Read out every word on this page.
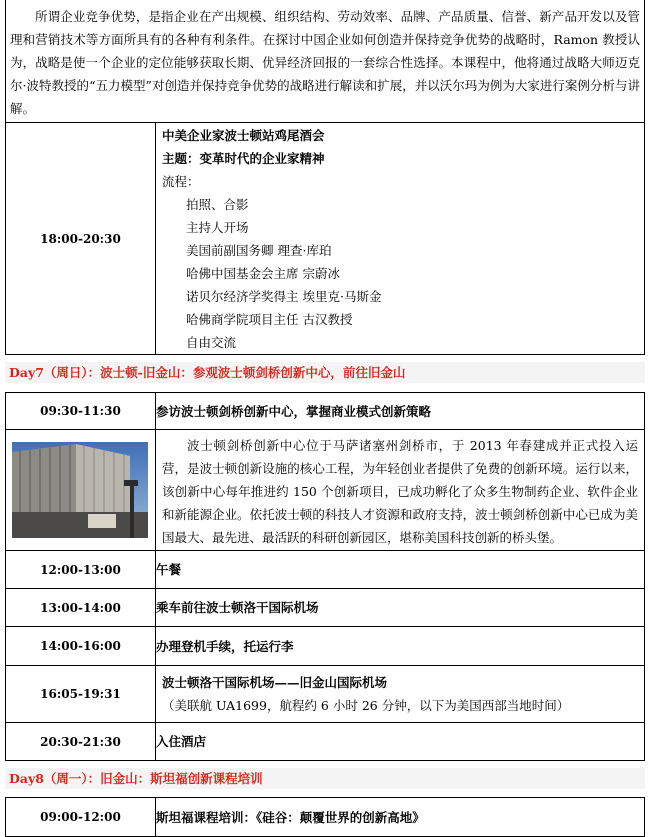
所谓企业竞争优势，是指企业在产出规模、组织结构、劳动效率、品牌、产品质量、信誉、新产品开发以及管理和营销技术等方面所具有的各种有利条件。在探讨中国企业如何创造并保持竞争优势的战略时，Ramon 教授认为，战略是使一个企业的定位能够获取长期、优异经济回报的一套综合性选择。本课程中，他将通过战略大师迈克尔·波特教授的“五力模型”对创造并保持竞争优势的战略进行解读和扩展，并以沃尔玛为例为大家进行案例分析与讲解。

18:00-20:30	
中美企业家波士顿站鸡尾酒会
主题：变革时代的企业家精神
流程：
拍照、合影
主持人开场
美国前副国务卿 理查·库珀
哈佛中国基金会主席 宗蔚冰
诺贝尔经济学奖得主 埃里克·马斯金
哈佛商学院项目主任 古汉教授
自由交流
Day7（周日）：波士顿-旧金山：参观波士顿剑桥创新中心，前往旧金山
09:30-11:30	参访波士顿剑桥创新中心，掌握商业模式创新策略

波士顿剑桥创新中心位于马萨诸塞州剑桥市，于 2013 年春建成并正式投入运营，是波士顿创新设施的核心工程，为年轻创业者提供了免费的创新环境。运行以来，该创新中心每年推进约 150 个创新项目，已成功孵化了众多生物制药企业、软件企业和新能源企业。依托波士顿的科技人才资源和政府支持，波士顿剑桥创新中心已成为美国最大、最先进、最活跃的科研创新园区，堪称美国科技创新的桥头堡。

12:00-13:00	午餐
13:00-14:00	乘车前往波士顿洛干国际机场
14:00-16:00	办理登机手续，托运行李
16:05-19:31	波士顿洛干国际机场——旧金山国际机场
（美联航 UA1699，航程约 6 小时 26 分钟，以下为美国西部当地时间）

20:30-21:30	入住酒店
Day8（周一）：旧金山：斯坦福创新课程培训
09:00-12:00	斯坦福课程培训：《硅谷：颠覆世界的创新高地》
